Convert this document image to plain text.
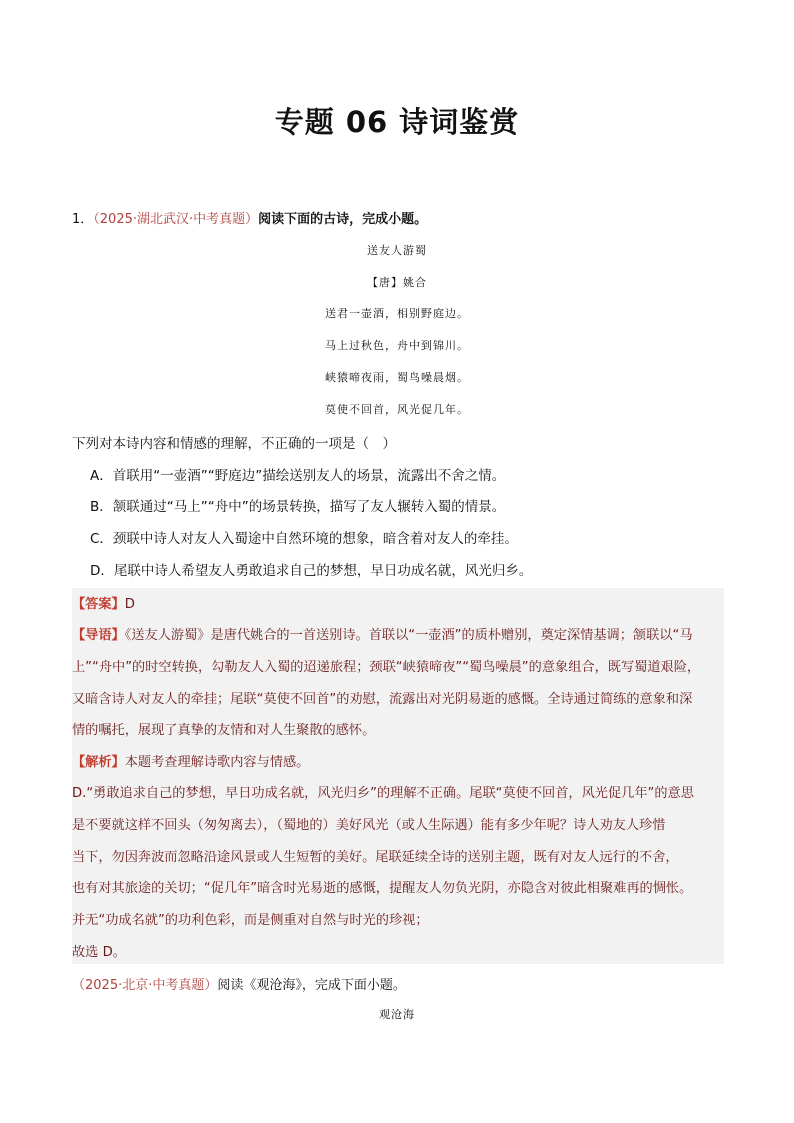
专题 06 诗词鉴赏
1．（2025·湖北武汉·中考真题）阅读下面的古诗，完成小题。
送友人游蜀
【唐】姚合
送君一壶酒，相别野庭边。
马上过秋色，舟中到锦川。
峡猿啼夜雨，蜀鸟噪晨烟。
莫使不回首，风光促几年。
下列对本诗内容和情感的理解，不正确的一项是（　）
A．首联用“一壶酒”“野庭边”描绘送别友人的场景，流露出不舍之情。
B．颔联通过“马上”“舟中”的场景转换，描写了友人辗转入蜀的情景。
C．颈联中诗人对友人入蜀途中自然环境的想象，暗含着对友人的牵挂。
D．尾联中诗人希望友人勇敢追求自己的梦想，早日功成名就，风光归乡。
【答案】D
【导语】《送友人游蜀》是唐代姚合的一首送别诗。首联以“一壶酒”的质朴赠别，奠定深情基调；颔联以“马
上”“舟中”的时空转换，勾勒友人入蜀的迢递旅程；颈联“峡猿啼夜”“蜀鸟噪晨”的意象组合，既写蜀道艰险，
又暗含诗人对友人的牵挂；尾联“莫使不回首”的劝慰，流露出对光阴易逝的感慨。全诗通过简练的意象和深
情的嘱托，展现了真挚的友情和对人生聚散的感怀。
【解析】本题考查理解诗歌内容与情感。
D.“勇敢追求自己的梦想，早日功成名就，风光归乡”的理解不正确。尾联“莫使不回首，风光促几年”的意思
是不要就这样不回头（匆匆离去），（蜀地的）美好风光（或人生际遇）能有多少年呢？诗人劝友人珍惜
当下，勿因奔波而忽略沿途风景或人生短暂的美好。尾联延续全诗的送别主题，既有对友人远行的不舍，
也有对其旅途的关切；“促几年”暗含时光易逝的感慨，提醒友人勿负光阴，亦隐含对彼此相聚难再的惆怅。
并无“功成名就”的功利色彩，而是侧重对自然与时光的珍视；
故选 D。
（2025·北京·中考真题）阅读《观沧海》，完成下面小题。
观沧海
